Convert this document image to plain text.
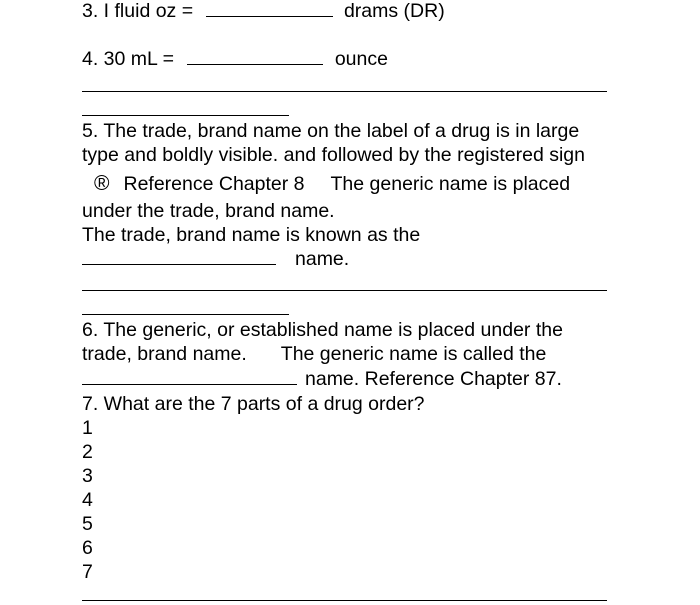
3. I fluid oz =	drams (DR)
4. 30 mL =	ounce
5. The trade, brand name on the label of a drug is in large
type and boldly visible. and followed by the registered sign
® Reference Chapter 8 The generic name is placed
under the trade, brand name.
The trade, brand name is known as the
name.
6. The generic, or established name is placed under the
trade, brand name. The generic name is called the
name. Reference Chapter 87.
7. What are the 7 parts of a drug order?
1
2
3
4
5
6
7
